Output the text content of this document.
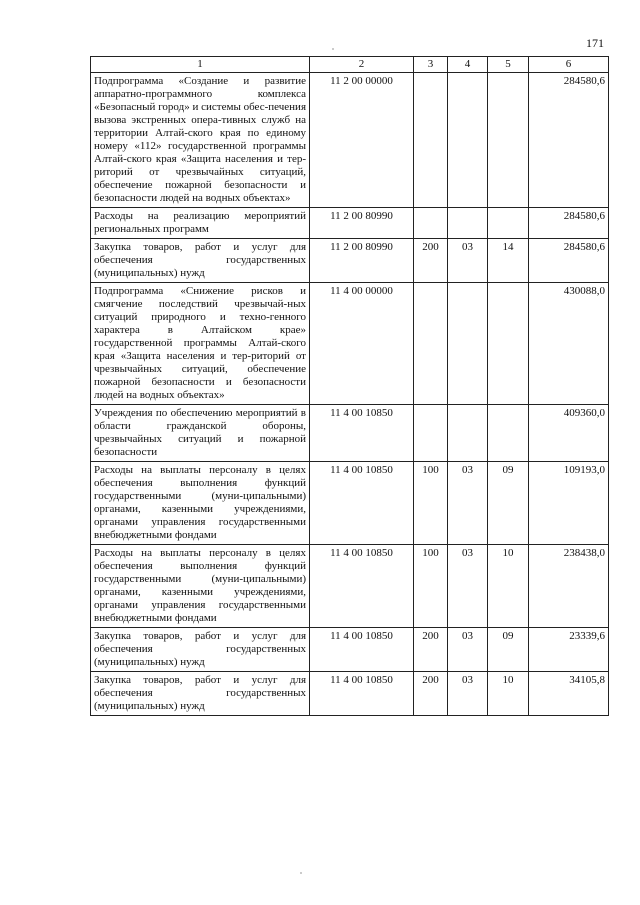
171
1	2	3	4	5	6
Подпрограмма «Создание и развитие аппаратно-программного комплекса «Безопасный город» и системы обес-печения вызова экстренных опера-тивных служб на территории Алтай-ского края по единому номеру «112» государственной программы Алтай-ского края «Защита населения и тер-риторий от чрезвычайных ситуаций, обеспечение пожарной безопасности и безопасности людей на водных объектах»	11 2 00 00000				284580,6
Расходы на реализацию мероприятий региональных программ	11 2 00 80990				284580,6
Закупка товаров, работ и услуг для обеспечения государственных (муниципальных) нужд	11 2 00 80990	200	03	14	284580,6
Подпрограмма «Снижение рисков и смягчение последствий чрезвычай-ных ситуаций природного и техно-генного характера в Алтайском крае» государственной программы Алтай-ского края «Защита населения и тер-риторий от чрезвычайных ситуаций, обеспечение пожарной безопасности и безопасности людей на водных объектах»	11 4 00 00000				430088,0
Учреждения по обеспечению мероприятий в области гражданской обороны, чрезвычайных ситуаций и пожарной безопасности	11 4 00 10850				409360,0
Расходы на выплаты персоналу в целях обеспечения выполнения функций государственными (муни-ципальными) органами, казенными учреждениями, органами управления государственными внебюджетными фондами	11 4 00 10850	100	03	09	109193,0
Расходы на выплаты персоналу в целях обеспечения выполнения функций государственными (муни-ципальными) органами, казенными учреждениями, органами управления государственными внебюджетными фондами	11 4 00 10850	100	03	10	238438,0
Закупка товаров, работ и услуг для обеспечения государственных (муниципальных) нужд	11 4 00 10850	200	03	09	23339,6
Закупка товаров, работ и услуг для обеспечения государственных (муниципальных) нужд	11 4 00 10850	200	03	10	34105,8
